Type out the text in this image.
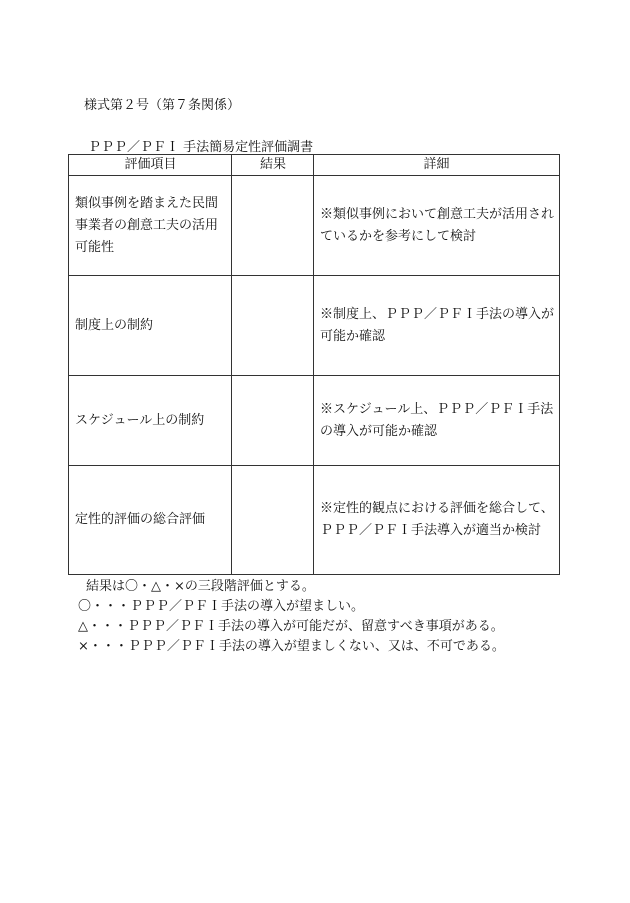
様式第２号（第７条関係）
ＰＰＰ／ＰＦＩ 手法簡易定性評価調書
評価項目	結果	詳細
類似事例を踏まえた民間事業者の創意工夫の活用可能性
※類似事例において創意工夫が活用されているかを参考にして検討
制度上の制約
※制度上、ＰＰＰ／ＰＦＩ手法の導入が可能か確認
スケジュール上の制約
※スケジュール上、ＰＰＰ／ＰＦＩ手法の導入が可能か確認
定性的評価の総合評価
※定性的観点における評価を総合して、ＰＰＰ／ＰＦＩ手法導入が適当か検討
結果は〇・△・×の三段階評価とする。
〇・・・ＰＰＰ／ＰＦＩ手法の導入が望ましい。
△・・・ＰＰＰ／ＰＦＩ手法の導入が可能だが、留意すべき事項がある。
×・・・ＰＰＰ／ＰＦＩ手法の導入が望ましくない、又は、不可である。
